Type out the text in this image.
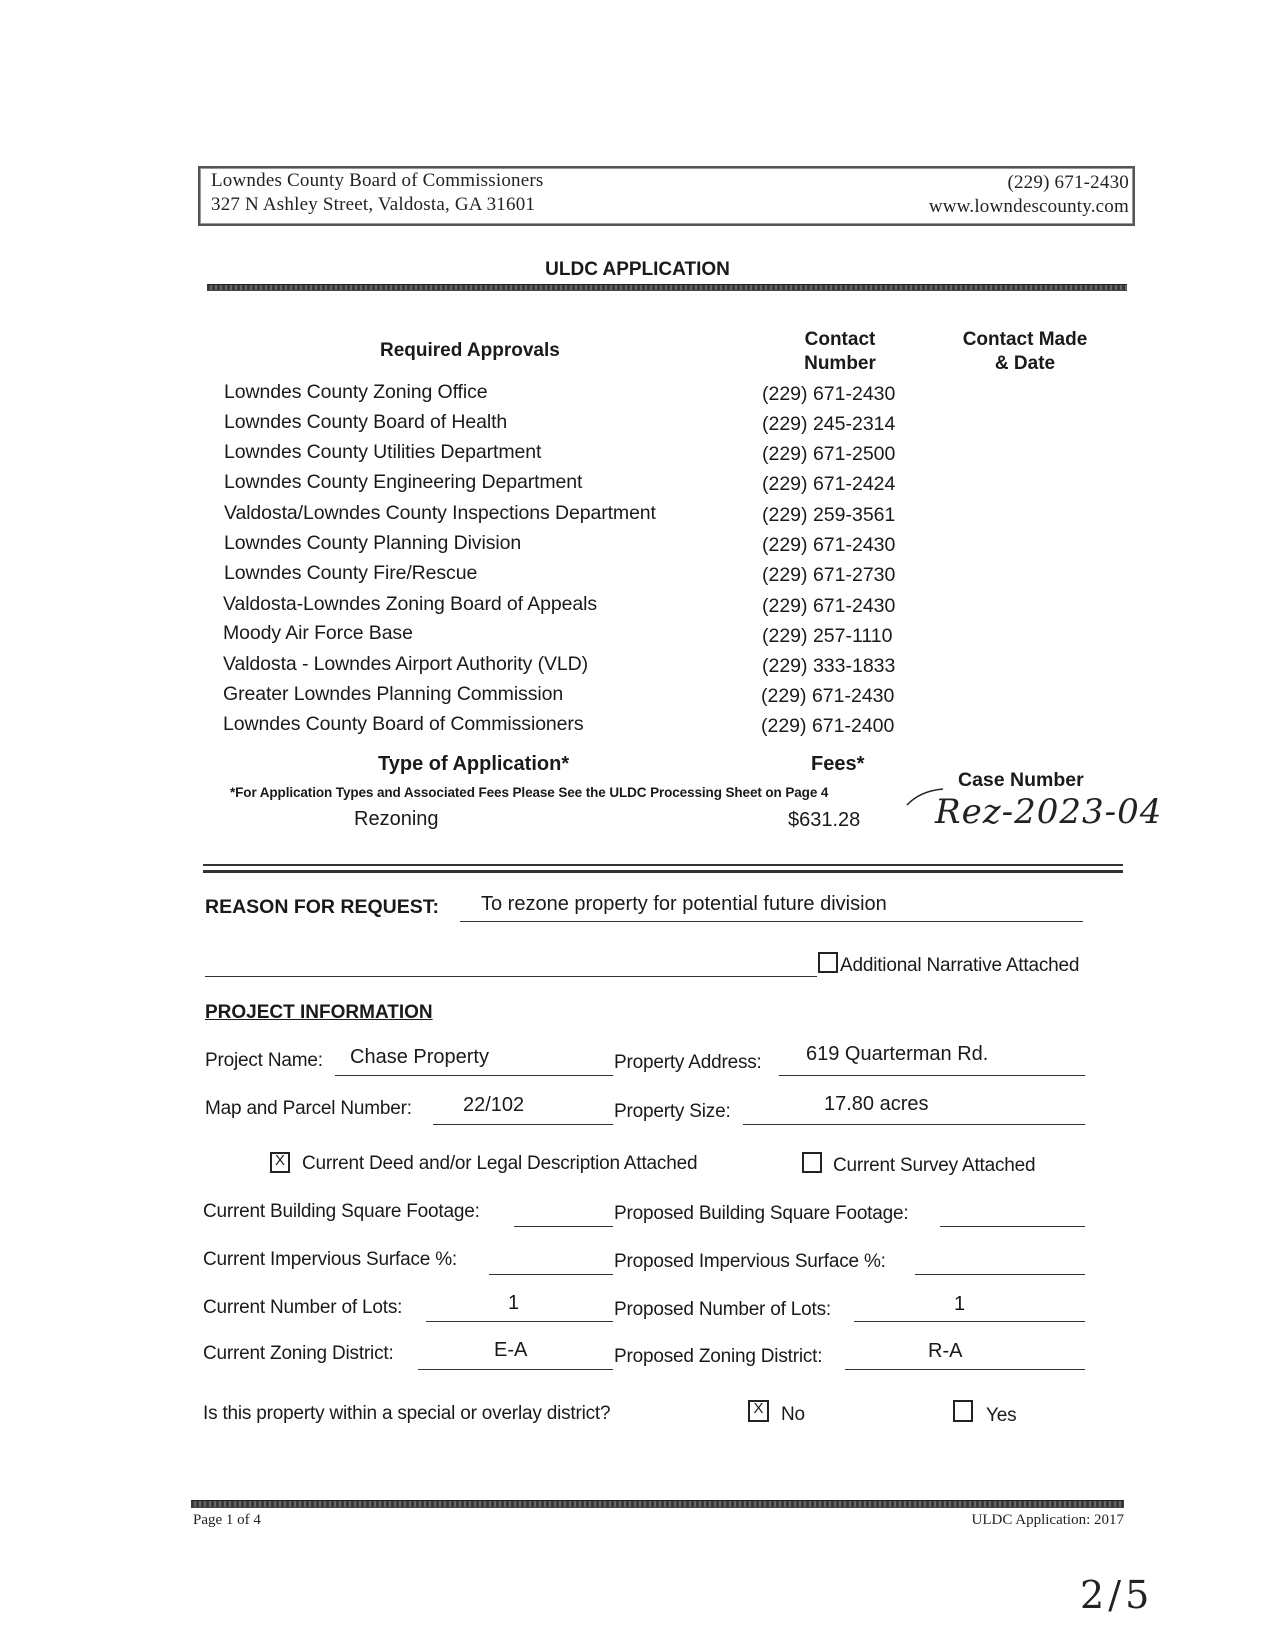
Lowndes County Board of Commissioners
327 N Ashley Street, Valdosta, GA 31601
(229) 671-2430
www.lowndescounty.com
ULDC APPLICATION
Required Approvals
Contact
Number
Contact Made
& Date
Lowndes County Zoning Office	(229) 671-2430
Lowndes County Board of Health	(229) 245-2314
Lowndes County Utilities Department	(229) 671-2500
Lowndes County Engineering Department	(229) 671-2424
Valdosta/Lowndes County Inspections Department	(229) 259-3561
Lowndes County Planning Division	(229) 671-2430
Lowndes County Fire/Rescue	(229) 671-2730
Valdosta-Lowndes Zoning Board of Appeals	(229) 671-2430
Moody Air Force Base	(229) 257-1110
Valdosta - Lowndes Airport Authority (VLD)	(229) 333-1833
Greater Lowndes Planning Commission	(229) 671-2430
Lowndes County Board of Commissioners	(229) 671-2400
Type of Application*	Fees*
Case Number
*For Application Types and Associated Fees Please See the ULDC Processing Sheet on Page 4
Rezoning	$631.28 Rez-2023-04
REASON FOR REQUEST: To rezone property for potential future division
Additional Narrative Attached
PROJECT INFORMATION
Project Name: Chase Property	Property Address: 619 Quarterman Rd.
Map and Parcel Number:	22/102	Property Size:	17.80 acres
X Current Deed and/or Legal Description Attached	Current Survey Attached
Current Building Square Footage:	Proposed Building Square Footage:
Current Impervious Surface %:	Proposed Impervious Surface %:
Current Number of Lots:	1	Proposed Number of Lots:	1
Current Zoning District:	E-A	Proposed Zoning District:	R-A
Is this property within a special or overlay district?	X No	Yes
Page 1 of 4	ULDC Application: 2017
2 / 5
